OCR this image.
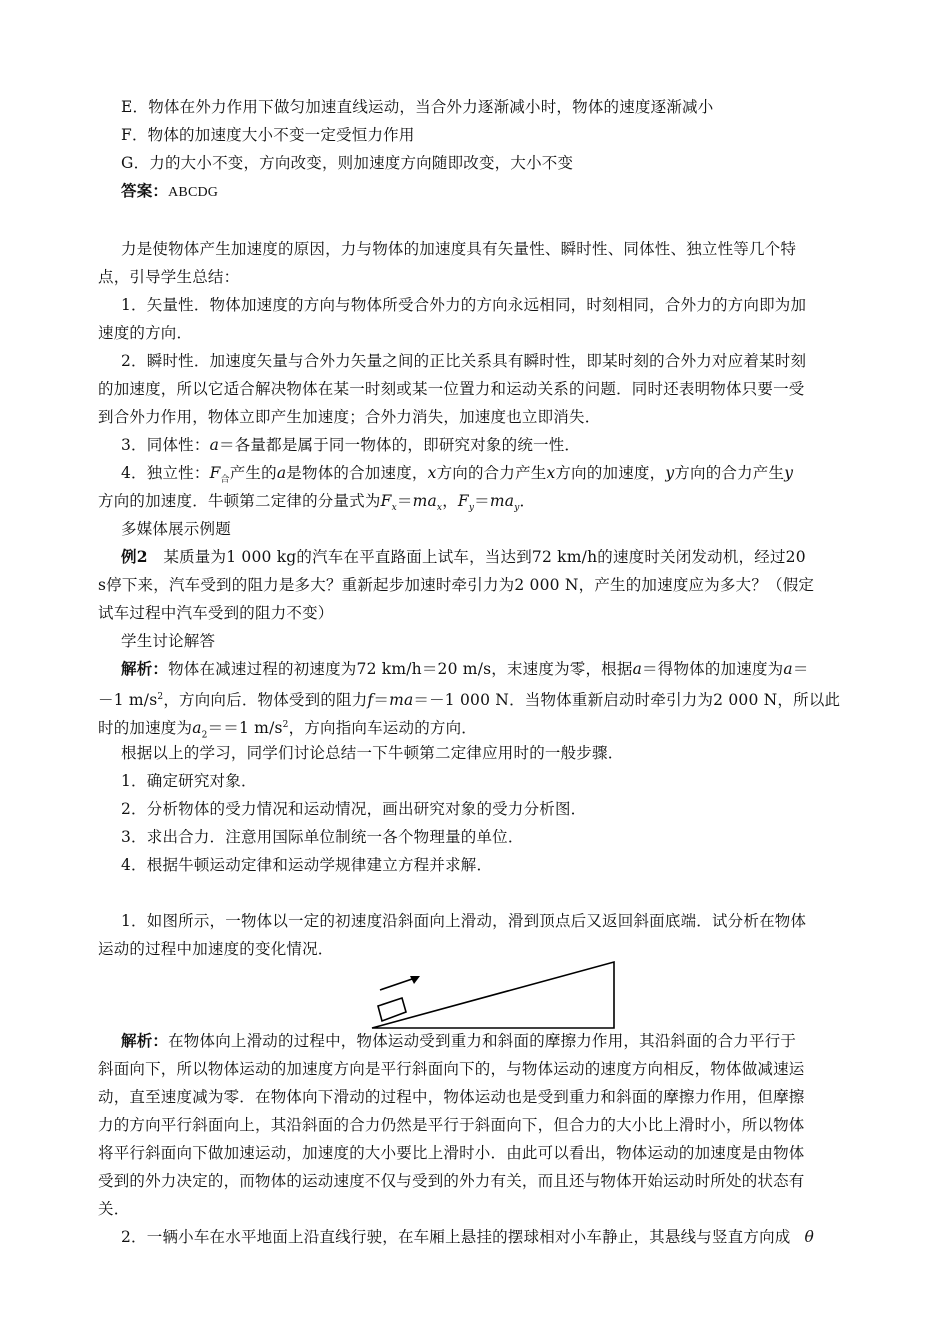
E．物体在外力作用下做匀加速直线运动，当合外力逐渐减小时，物体的速度逐渐减小
F．物体的加速度大小不变一定受恒力作用
G．力的大小不变，方向改变，则加速度方向随即改变，大小不变
答案：ABCDG
力是使物体产生加速度的原因，力与物体的加速度具有矢量性、瞬时性、同体性、独立性等几个特
点，引导学生总结：
1．矢量性．物体加速度的方向与物体所受合外力的方向永远相同，时刻相同，合外力的方向即为加
速度的方向．
2．瞬时性．加速度矢量与合外力矢量之间的正比关系具有瞬时性，即某时刻的合外力对应着某时刻
的加速度，所以它适合解决物体在某一时刻或某一位置力和运动关系的问题．同时还表明物体只要一受
到合外力作用，物体立即产生加速度；合外力消失，加速度也立即消失．
3．同体性：a＝各量都是属于同一物体的，即研究对象的统一性．
4．独立性：$F_合$产生的a是物体的合加速度，x方向的合力产生x方向的加速度，y方向的合力产生y
方向的加速度．牛顿第二定律的分量式为$F_x=ma_x$，$F_y=ma_y$．
多媒体展示例题
例2　某质量为1 000 kg的汽车在平直路面上试车，当达到72 km/h的速度时关闭发动机，经过20
s停下来，汽车受到的阻力是多大？重新起步加速时牵引力为2 000 N，产生的加速度应为多大？（假定
试车过程中汽车受到的阻力不变）
学生讨论解答
解析：物体在减速过程的初速度为72 km/h＝20 m/s，末速度为零，根据a＝得物体的加速度为a＝
－1 $m/s^2$，方向向后．物体受到的阻力f＝ma＝－1 000 N．当物体重新启动时牵引力为2 000 N，所以此
时的加速度为$a_2==1$ $m/s^2$，方向指向车运动的方向．
根据以上的学习，同学们讨论总结一下牛顿第二定律应用时的一般步骤．
1．确定研究对象．
2．分析物体的受力情况和运动情况，画出研究对象的受力分析图．
3．求出合力．注意用国际单位制统一各个物理量的单位．
4．根据牛顿运动定律和运动学规律建立方程并求解．
1．如图所示，一物体以一定的初速度沿斜面向上滑动，滑到顶点后又返回斜面底端．试分析在物体
运动的过程中加速度的变化情况．
解析：在物体向上滑动的过程中，物体运动受到重力和斜面的摩擦力作用，其沿斜面的合力平行于
斜面向下，所以物体运动的加速度方向是平行斜面向下的，与物体运动的速度方向相反，物体做减速运
动，直至速度减为零．在物体向下滑动的过程中，物体运动也是受到重力和斜面的摩擦力作用，但摩擦
力的方向平行斜面向上，其沿斜面的合力仍然是平行于斜面向下，但合力的大小比上滑时小，所以物体
将平行斜面向下做加速运动，加速度的大小要比上滑时小．由此可以看出，物体运动的加速度是由物体
受到的外力决定的，而物体的运动速度不仅与受到的外力有关，而且还与物体开始运动时所处的状态有
关．
2．一辆小车在水平地面上沿直线行驶，在车厢上悬挂的摆球相对小车静止，其悬线与竖直方向成 θ
